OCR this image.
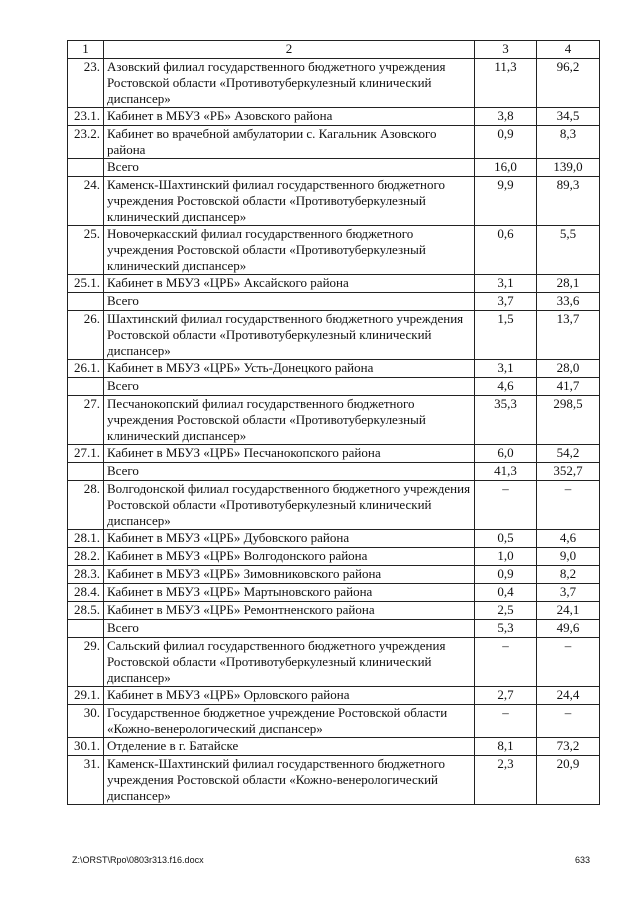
1	2	3	4
23.	Азовский филиал государственного бюджетного учреждения Ростовской области «Противотуберкулезный клинический диспансер»	11,3	96,2
23.1.	Кабинет в МБУЗ «РБ» Азовского района	3,8	34,5
23.2.	Кабинет во врачебной амбулатории с. Кагальник Азовского района	0,9	8,3
	Всего	16,0	139,0
24.	Каменск-Шахтинский филиал государственного бюджетного учреждения Ростовской области «Противотуберкулезный клинический диспансер»	9,9	89,3
25.	Новочеркасский филиал государственного бюджетного учреждения Ростовской области «Противотуберкулезный клинический диспансер»	0,6	5,5
25.1.	Кабинет в МБУЗ «ЦРБ» Аксайского района	3,1	28,1
	Всего	3,7	33,6
26.	Шахтинский филиал государственного бюджетного учреждения Ростовской области «Противотуберкулезный клинический диспансер»	1,5	13,7
26.1.	Кабинет в МБУЗ «ЦРБ» Усть-Донецкого района	3,1	28,0
	Всего	4,6	41,7
27.	Песчанокопский филиал государственного бюджетного учреждения Ростовской области «Противотуберкулезный клинический диспансер»	35,3	298,5
27.1.	Кабинет в МБУЗ «ЦРБ» Песчанокопского района	6,0	54,2
	Всего	41,3	352,7
28.	Волгодонской филиал государственного бюджетного учреждения Ростовской области «Противотуберкулезный клинический диспансер»	–	–
28.1.	Кабинет в МБУЗ «ЦРБ» Дубовского района	0,5	4,6
28.2.	Кабинет в МБУЗ «ЦРБ» Волгодонского района	1,0	9,0
28.3.	Кабинет в МБУЗ «ЦРБ» Зимовниковского района	0,9	8,2
28.4.	Кабинет в МБУЗ «ЦРБ» Мартыновского района	0,4	3,7
28.5.	Кабинет в МБУЗ «ЦРБ» Ремонтненского района	2,5	24,1
	Всего	5,3	49,6
29.	Сальский филиал государственного бюджетного учреждения Ростовской области «Противотуберкулезный клинический диспансер»	–	–
29.1.	Кабинет в МБУЗ «ЦРБ» Орловского района	2,7	24,4
30.	Государственное бюджетное учреждение Ростовской области «Кожно-венерологический диспансер»	–	–
30.1.	Отделение в г. Батайске	8,1	73,2
31.	Каменск-Шахтинский филиал государственного бюджетного учреждения Ростовской области «Кожно-венерологический диспансер»	2,3	20,9
Z:\ORST\Rpo\0803r313.f16.docx	633
